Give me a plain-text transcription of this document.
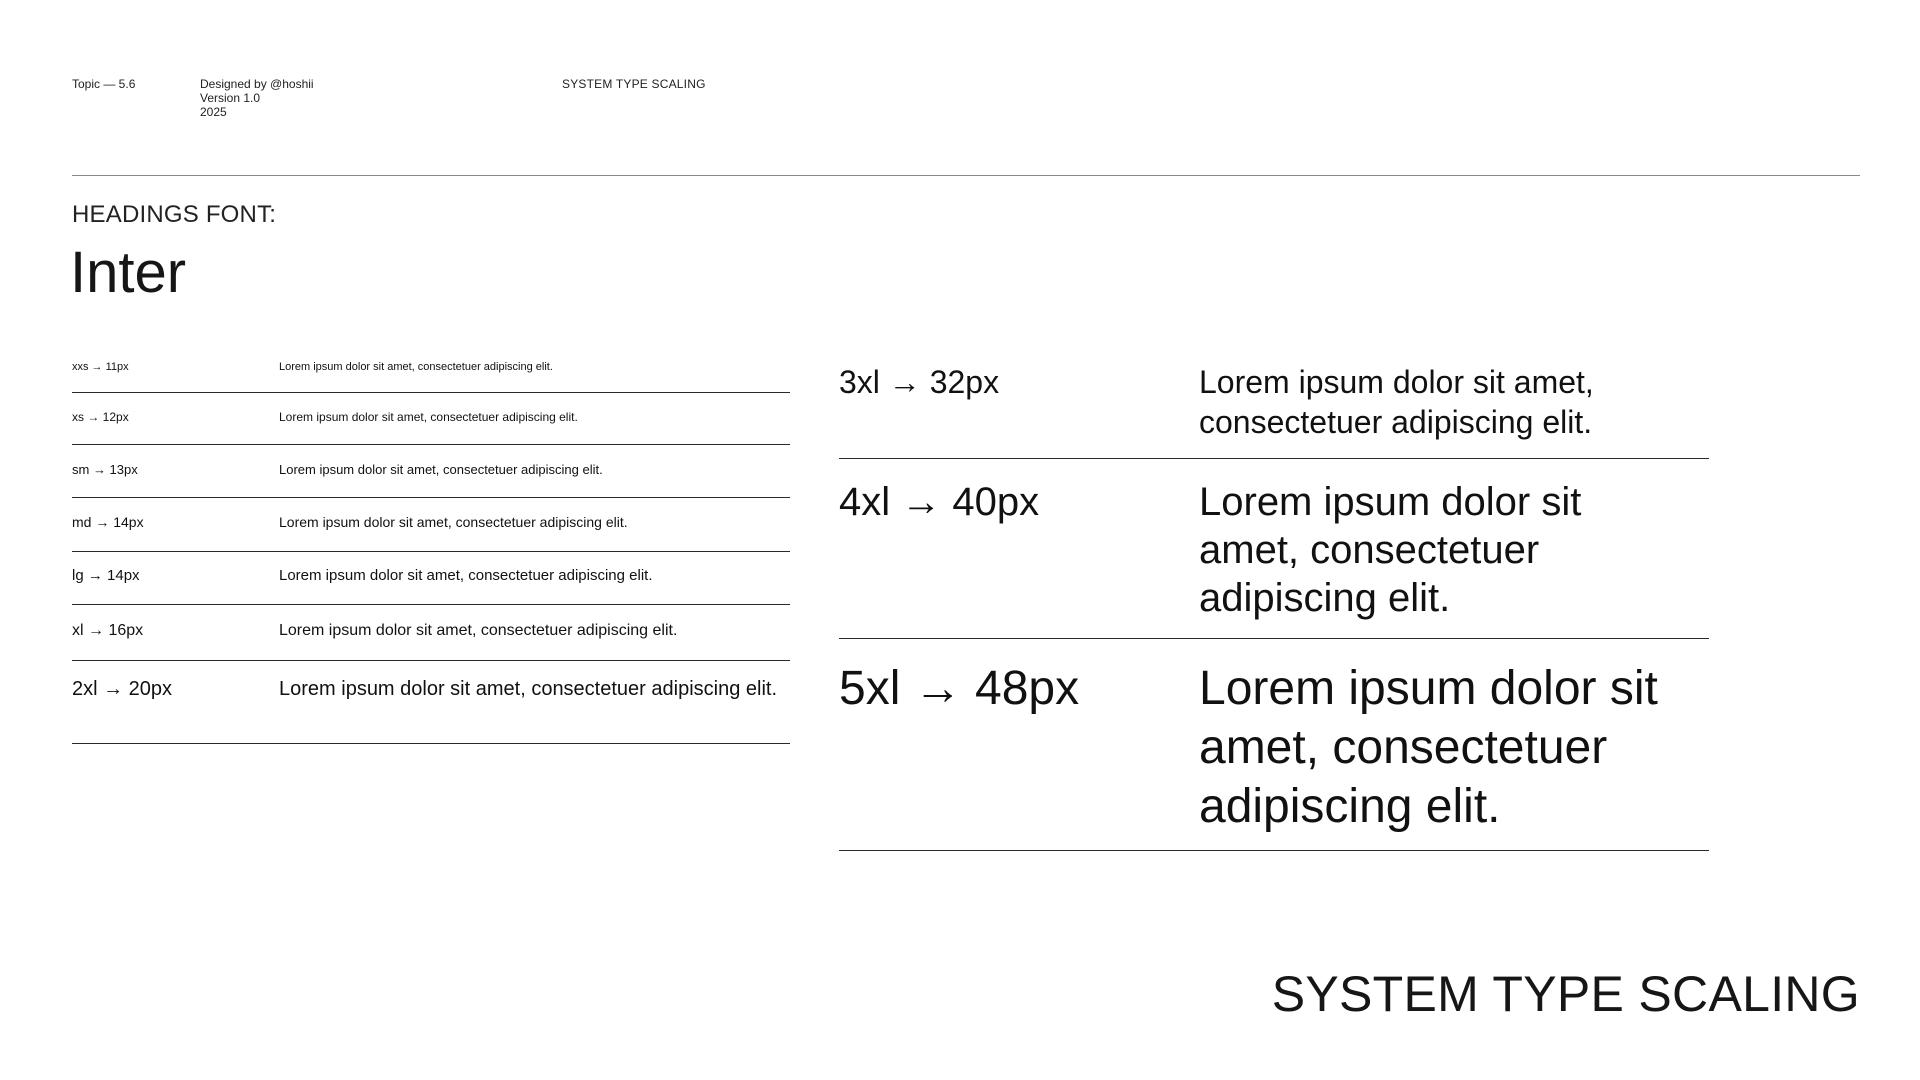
Topic — 5.6	Designed by @hoshii
Version 1.0
2025
SYSTEM TYPE SCALING
HEADINGS FONT:
Inter
xxs → 11px	Lorem ipsum dolor sit amet, consectetuer adipiscing elit.
xs → 12px	Lorem ipsum dolor sit amet, consectetuer adipiscing elit.
sm → 13px	Lorem ipsum dolor sit amet, consectetuer adipiscing elit.
md → 14px	Lorem ipsum dolor sit amet, consectetuer adipiscing elit.
lg → 14px	Lorem ipsum dolor sit amet, consectetuer adipiscing elit.
xl → 16px	Lorem ipsum dolor sit amet, consectetuer adipiscing elit.
2xl → 20px	Lorem ipsum dolor sit amet, consectetuer adipiscing elit.
3xl → 32px	Lorem ipsum dolor sit amet, consectetuer adipiscing elit.
4xl → 40px	Lorem ipsum dolor sit amet, consectetuer adipiscing elit.
5xl → 48px Lorem ipsum dolor sit amet, consectetuer adipiscing elit.
SYSTEM TYPE SCALING
